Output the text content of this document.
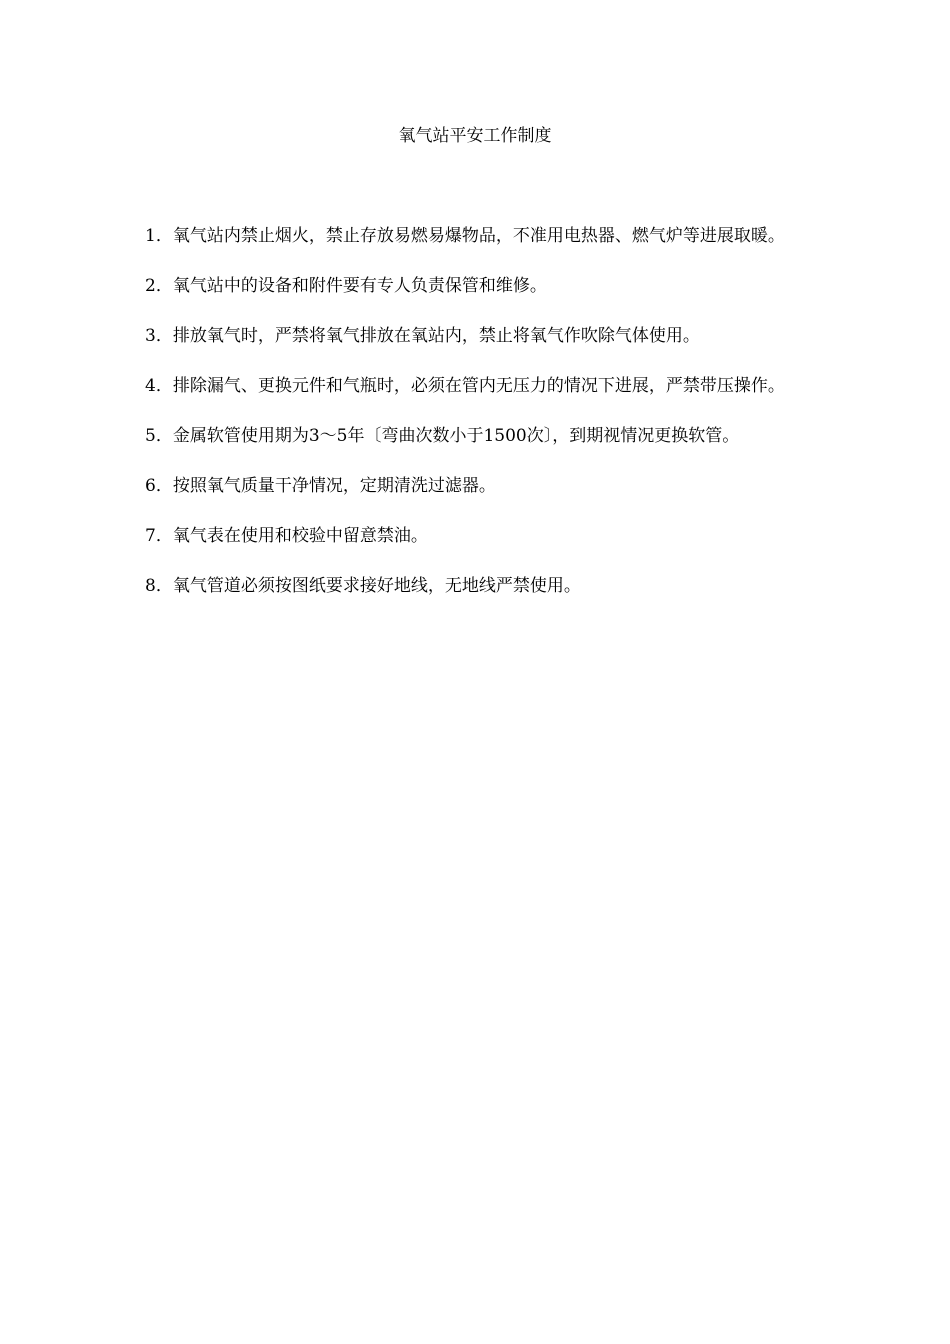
氧气站平安工作制度
1．氧气站内禁止烟火，禁止存放易燃易爆物品，不准用电热器、燃气炉等进展取暖。
2．氧气站中的设备和附件要有专人负责保管和维修。
3．排放氧气时，严禁将氧气排放在氧站内，禁止将氧气作吹除气体使用。
4．排除漏气、更换元件和气瓶时，必须在管内无压力的情况下进展，严禁带压操作。
5．金属软管使用期为3～5年〔弯曲次数小于1500次〕，到期视情况更换软管。
6．按照氧气质量干净情况，定期清洗过滤器。
7．氧气表在使用和校验中留意禁油。
8．氧气管道必须按图纸要求接好地线，无地线严禁使用。
